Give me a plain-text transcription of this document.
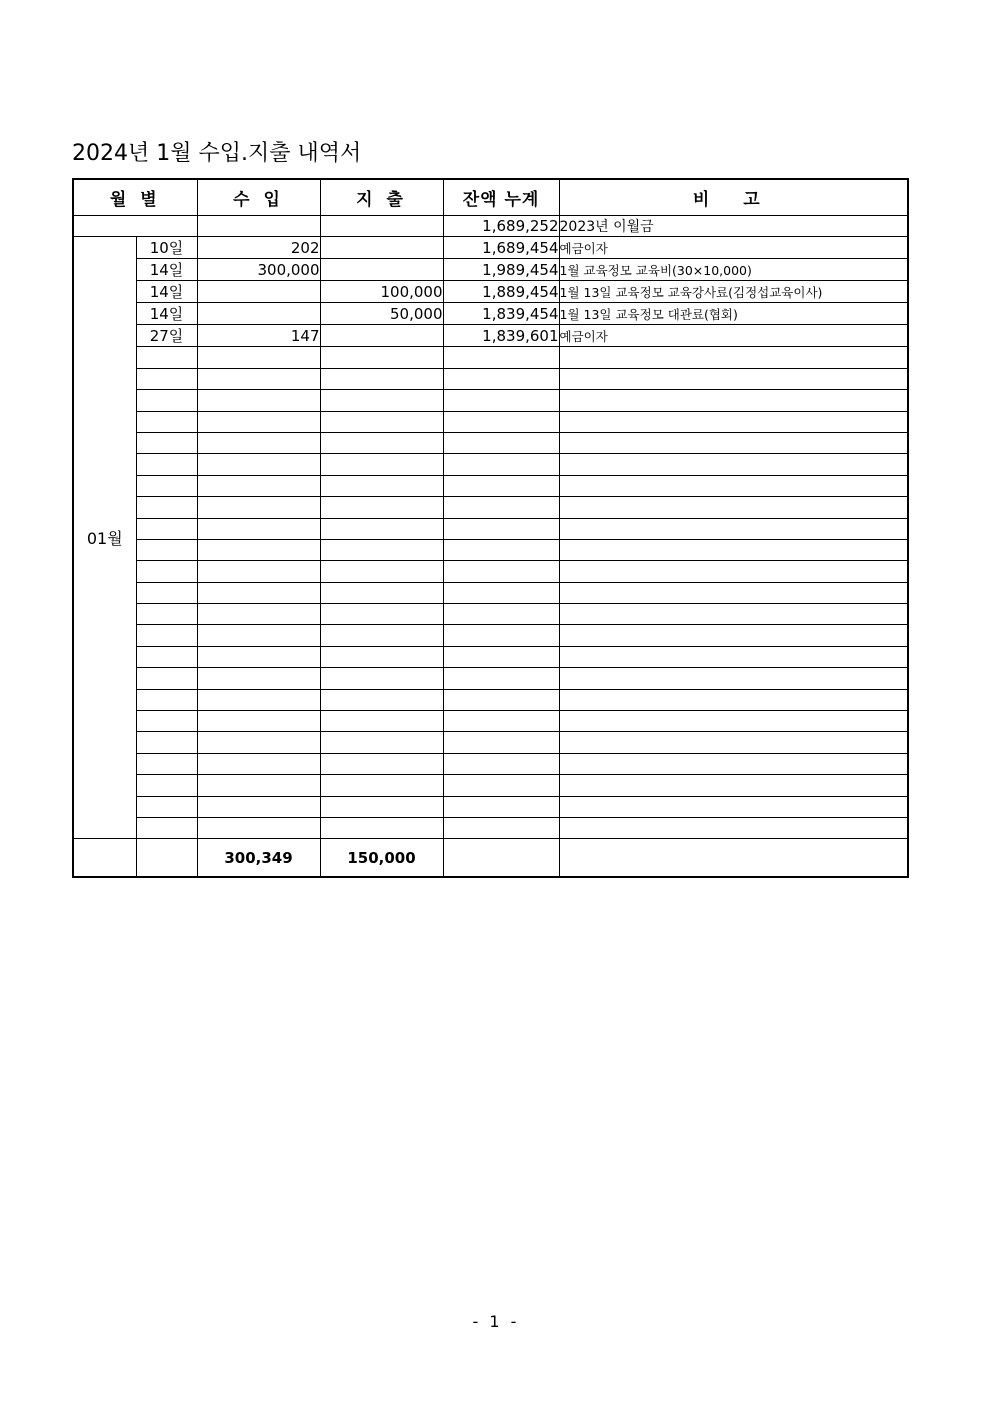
2024년 1월 수입.지출 내역서
월 별		수 입	지 출	잔액 누계	비 고
				1,689,252	2023년 이월금
01월	10일	202		1,689,454	예금이자
	14일	300,000		1,989,454	1월 교육정모 교육비(30×10,000)
	14일		100,000	1,889,454	1월 13일 교육정모 교육강사료(김정섭교육이사)
	14일		50,000	1,839,454	1월 13일 교육정모 대관료(협회)
	27일	147		1,839,601	예금이자

		300,349	150,000		
- 1 -
